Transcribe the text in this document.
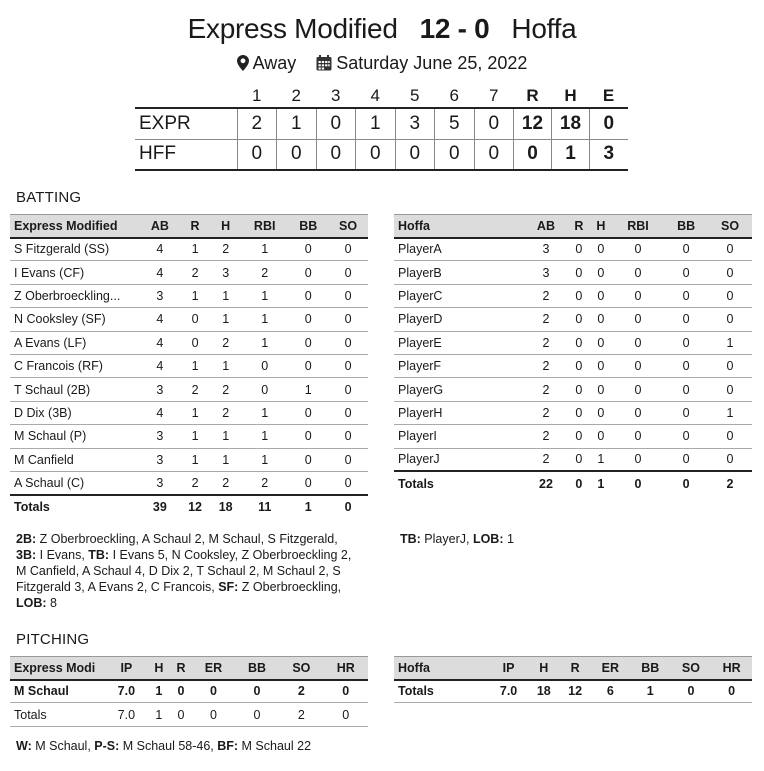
Express Modified 12 - 0 Hoffa
Away Saturday June 25, 2022
	1	2	3	4	5	6	7	R	H	E
EXPR	2	1	0	1	3	5	0	12	18	0
HFF	0	0	0	0	0	0	0	0	1	3
BATTING
Express Modified	AB	R	H	RBI	BB	SO
S Fitzgerald (SS)	4	1	2	1	0	0
I Evans (CF)	4	2	3	2	0	0
Z Oberbroeckling...	3	1	1	1	0	0
N Cooksley (SF)	4	0	1	1	0	0
A Evans (LF)	4	0	2	1	0	0
C Francois (RF)	4	1	1	0	0	0
T Schaul (2B)	3	2	2	0	1	0
D Dix (3B)	4	1	2	1	0	0
M Schaul (P)	3	1	1	1	0	0
M Canfield	3	1	1	1	0	0
A Schaul (C)	3	2	2	2	0	0
Totals	39	12	18	11	1	0
Hoffa	AB	R	H	RBI	BB	SO
PlayerA	3	0	0	0	0	0
PlayerB	3	0	0	0	0	0
PlayerC	2	0	0	0	0	0
PlayerD	2	0	0	0	0	0
PlayerE	2	0	0	0	0	1
PlayerF	2	0	0	0	0	0
PlayerG	2	0	0	0	0	0
PlayerH	2	0	0	0	0	1
PlayerI	2	0	0	0	0	0
PlayerJ	2	0	1	0	0	0
Totals	22	0	1	0	0	2
2B: Z Oberbroeckling, A Schaul 2, M Schaul, S Fitzgerald, 3B: I Evans, TB: I Evans 5, N Cooksley, Z Oberbroeckling 2, M Canfield, A Schaul 4, D Dix 2, T Schaul 2, M Schaul 2, S Fitzgerald 3, A Evans 2, C Francois, SF: Z Oberbroeckling, LOB: 8
TB: PlayerJ, LOB: 1
PITCHING
Express Modi	IP	H	R	ER	BB	SO	HR
M Schaul	7.0	1	0	0	0	2	0
Totals	7.0	1	0	0	0	2	0
Hoffa	IP	H	R	ER	BB	SO	HR
Totals	7.0	18	12	6	1	0	0
W: M Schaul, P-S: M Schaul 58-46, BF: M Schaul 22
